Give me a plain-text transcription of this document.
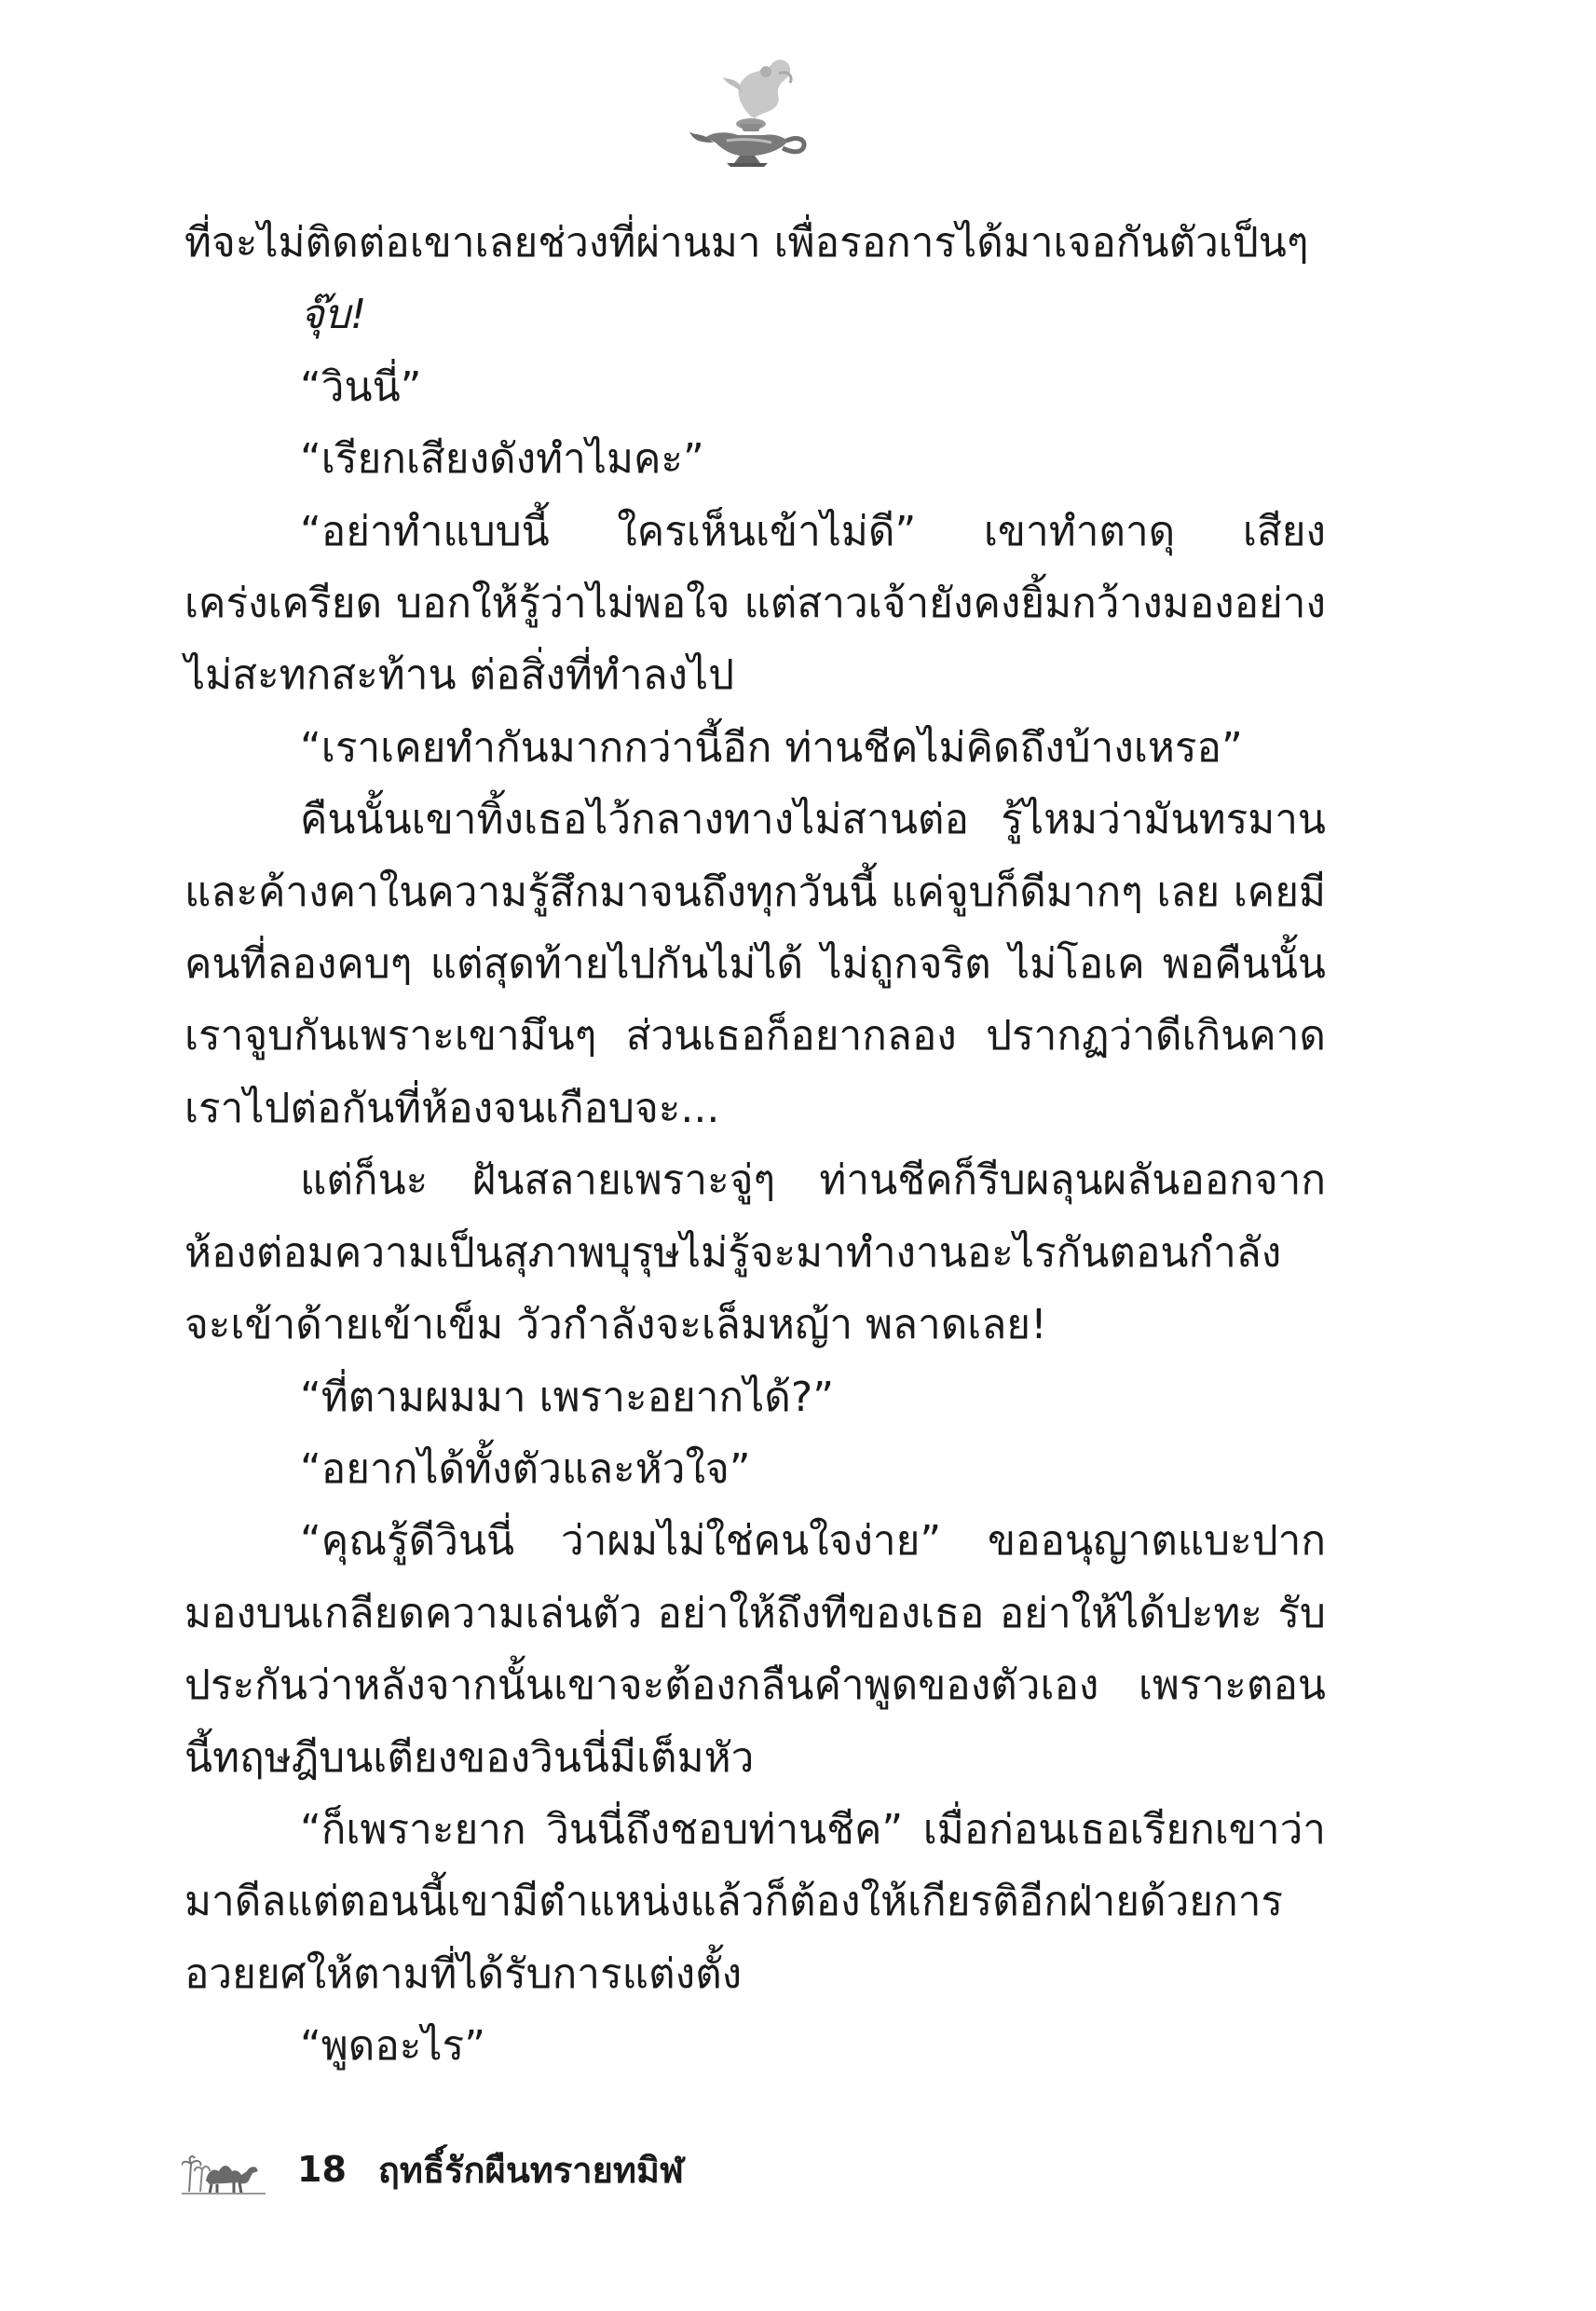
ที่จะไม่ติดต่อเขาเลยช่วงที่ผ่านมา เพื่อรอการได้มาเจอกันตัวเป็นๆ

จุ๊บ!

“วินนี่”

“เรียกเสียงดังทำไมคะ”

“อย่าทำแบบนี้ ใครเห็นเข้าไม่ดี” เขาทำตาดุ เสียงเคร่งเครียด บอกให้รู้ว่าไม่พอใจ แต่สาวเจ้ายังคงยิ้มกว้างมองอย่างไม่สะทกสะท้าน ต่อสิ่งที่ทำลงไป

“เราเคยทำกันมากกว่านี้อีก ท่านชีคไม่คิดถึงบ้างเหรอ”

คืนนั้นเขาทิ้งเธอไว้กลางทางไม่สานต่อ รู้ไหมว่ามันทรมานและค้างคาในความรู้สึกมาจนถึงทุกวันนี้ แค่จูบก็ดีมากๆ เลย เคยมีคนที่ลองคบๆ แต่สุดท้ายไปกันไม่ได้ ไม่ถูกจริต ไม่โอเค พอคืนนั้นเราจูบกันเพราะเขามึนๆ ส่วนเธอก็อยากลอง ปรากฏว่าดีเกินคาด เราไปต่อกันที่ห้องจนเกือบจะ...

แต่ก็นะ ฝันสลายเพราะจู่ๆ ท่านชีคก็รีบผลุนผลันออกจากห้องต่อมความเป็นสุภาพบุรุษไม่รู้จะมาทำงานอะไรกันตอนกำลังจะเข้าด้ายเข้าเข็ม วัวกำลังจะเล็มหญ้า พลาดเลย!

“ที่ตามผมมา เพราะอยากได้?”

“อยากได้ทั้งตัวและหัวใจ”

“คุณรู้ดีวินนี่ ว่าผมไม่ใช่คนใจง่าย” ขออนุญาตแบะปากมองบนเกลียดความเล่นตัว อย่าให้ถึงทีของเธอ อย่าให้ได้ปะทะ รับประกันว่าหลังจากนั้นเขาจะต้องกลืนคำพูดของตัวเอง เพราะตอนนี้ทฤษฎีบนเตียงของวินนี่มีเต็มหัว

“ก็เพราะยาก วินนี่ถึงชอบท่านชีค” เมื่อก่อนเธอเรียกเขาว่ามาดีลแต่ตอนนี้เขามีตำแหน่งแล้วก็ต้องให้เกียรติอีกฝ่ายด้วยการอวยยศให้ตามที่ได้รับการแต่งตั้ง

“พูดอะไร”

18 ฤทธิ์รักผืนทรายทมิฬ
